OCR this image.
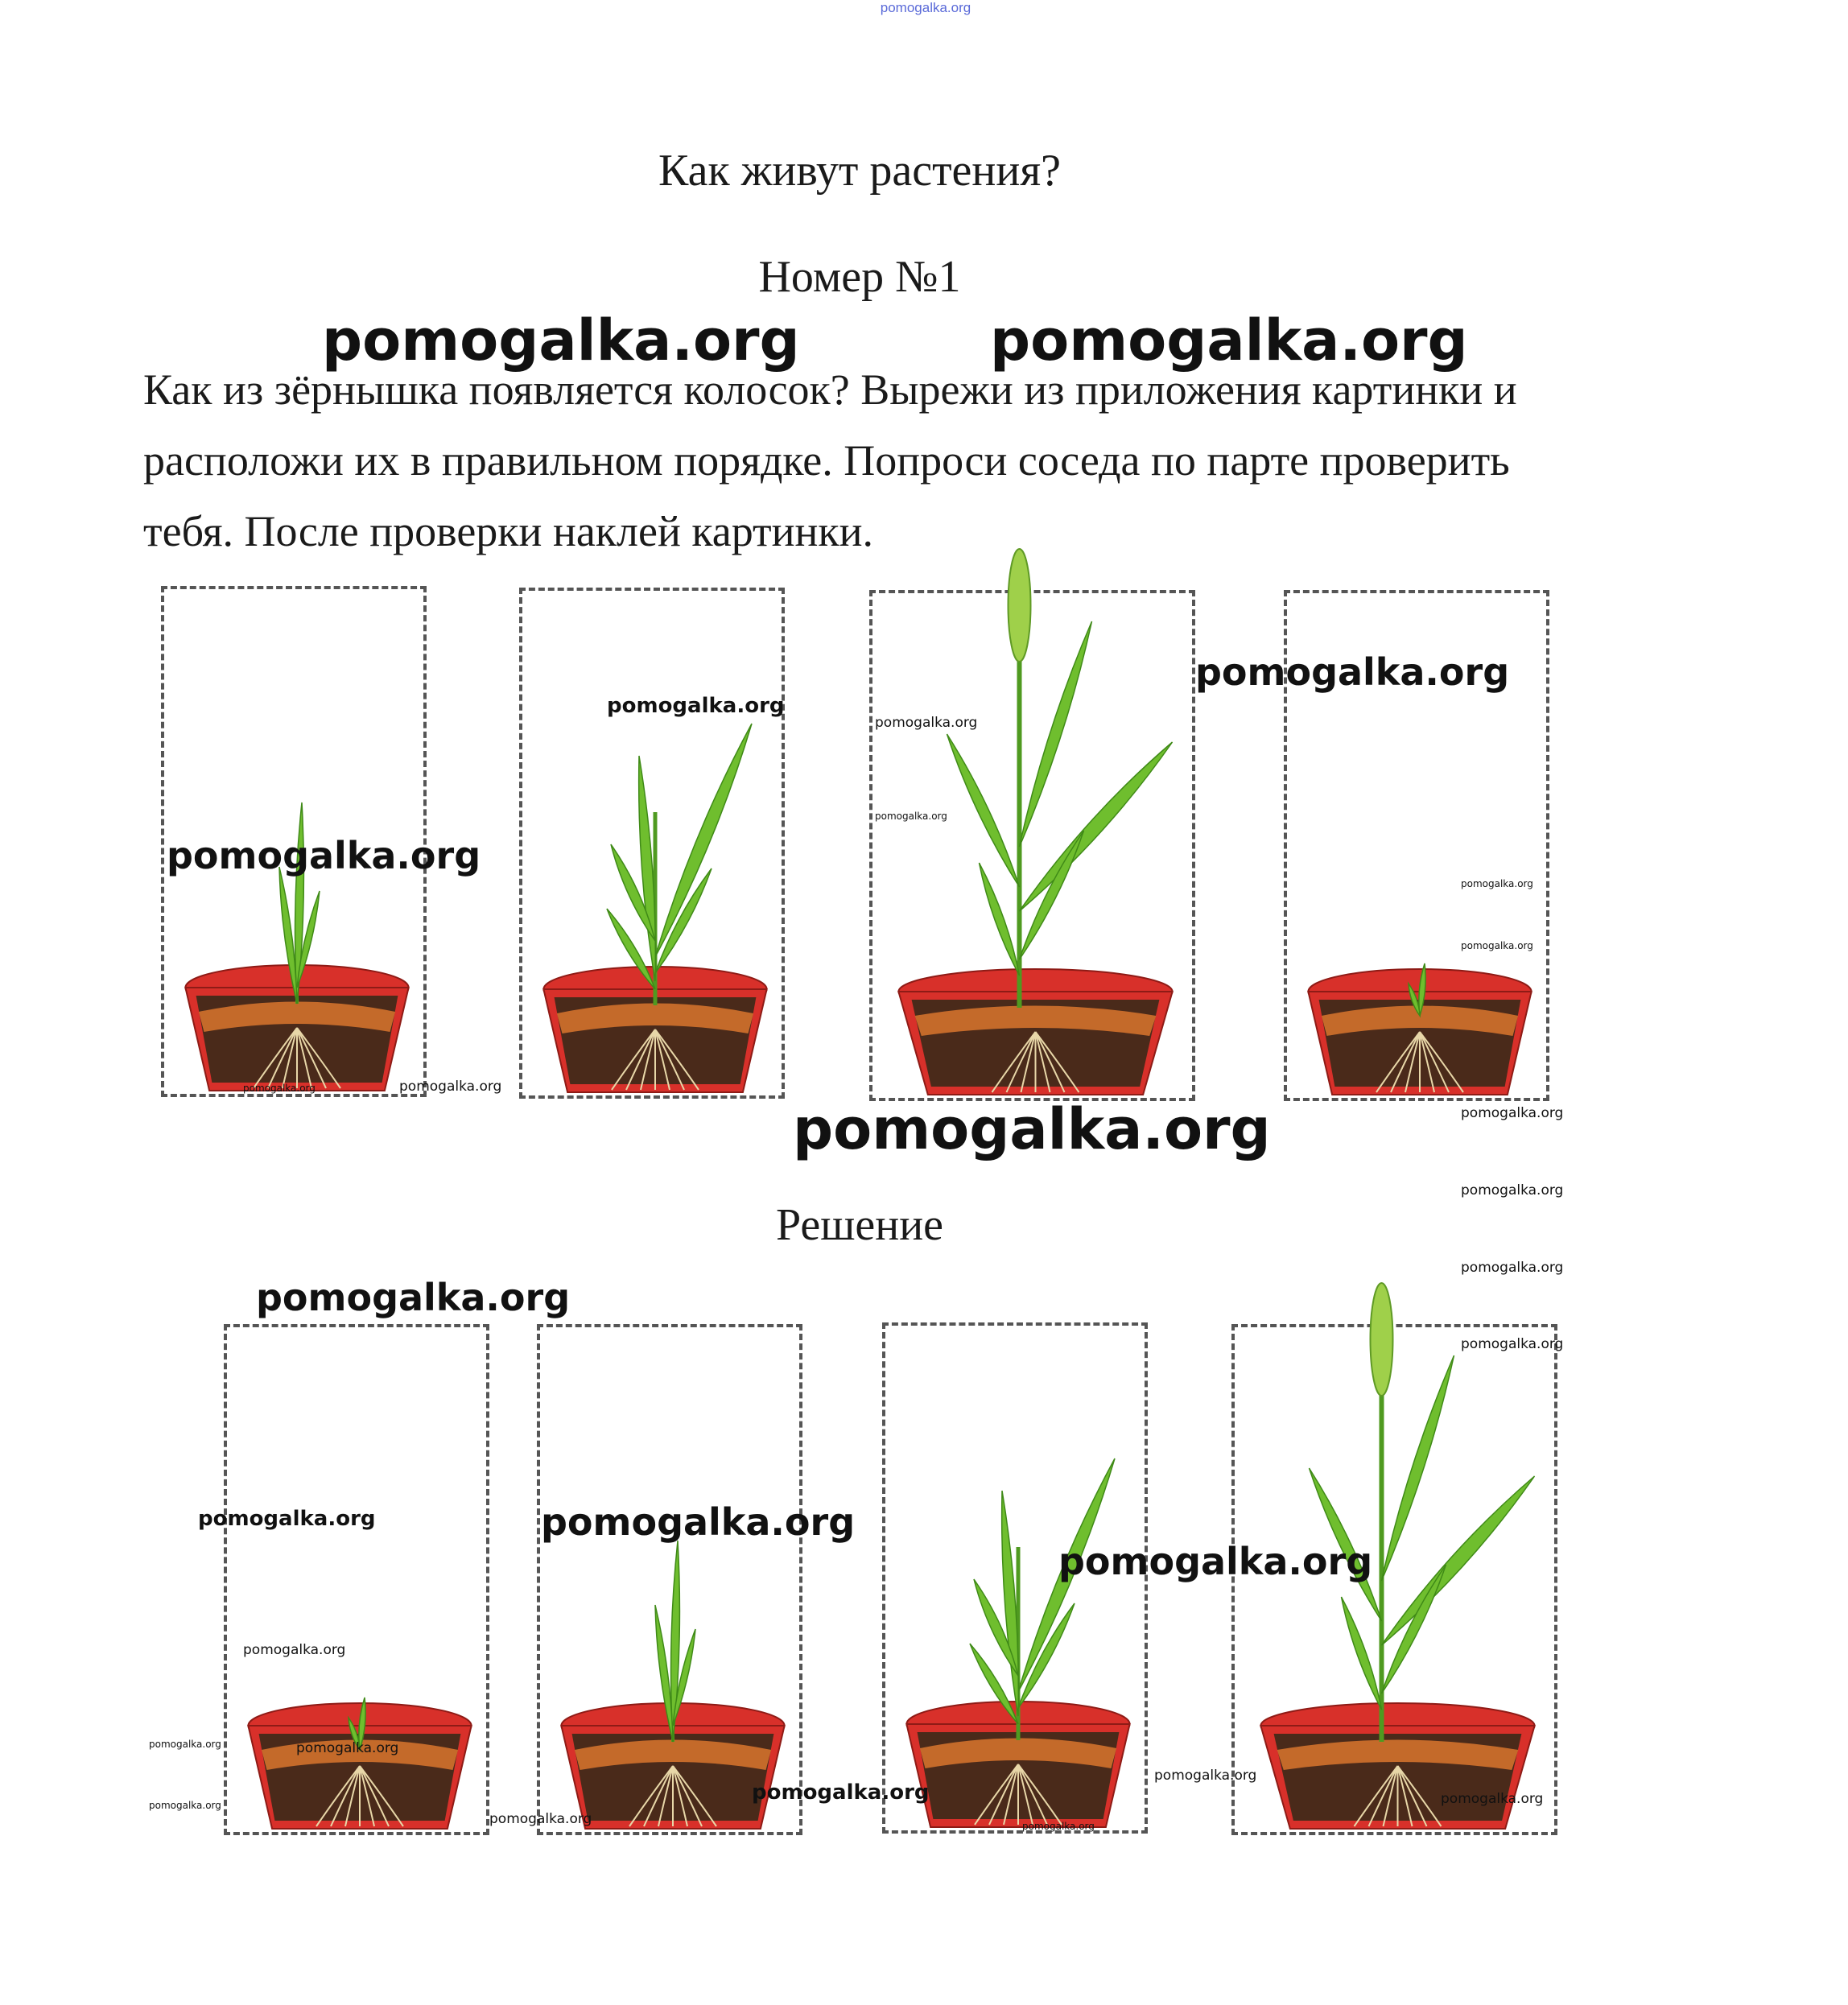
pomogalka.org
Как живут растения?
Номер №1
Как из зёрнышка появляется колосок? Вырежи из приложения картинки и расположи их в правильном порядке. Попроси соседа по парте проверить тебя. После проверки наклей картинки.
Решение
pomogalka.org	pomogalka.org
pomogalka.org
pomogalka.org
pomogalka.org
pomogalka.org
pomogalka.org
pomogalka.org
pomogalka.org
pomogalka.org
pomogalka.org
pomogalka.org	pomogalka.org
pomogalka.org
pomogalka.org
pomogalka.org
pomogalka.org
pomogalka.org	pomogalka.org
pomogalka.org
pomogalka.org
pomogalka.org	pomogalka.org
pomogalka.org
pomogalka.org
pomogalka.org
pomogalka.org
pomogalka.org
pomogalka.org
